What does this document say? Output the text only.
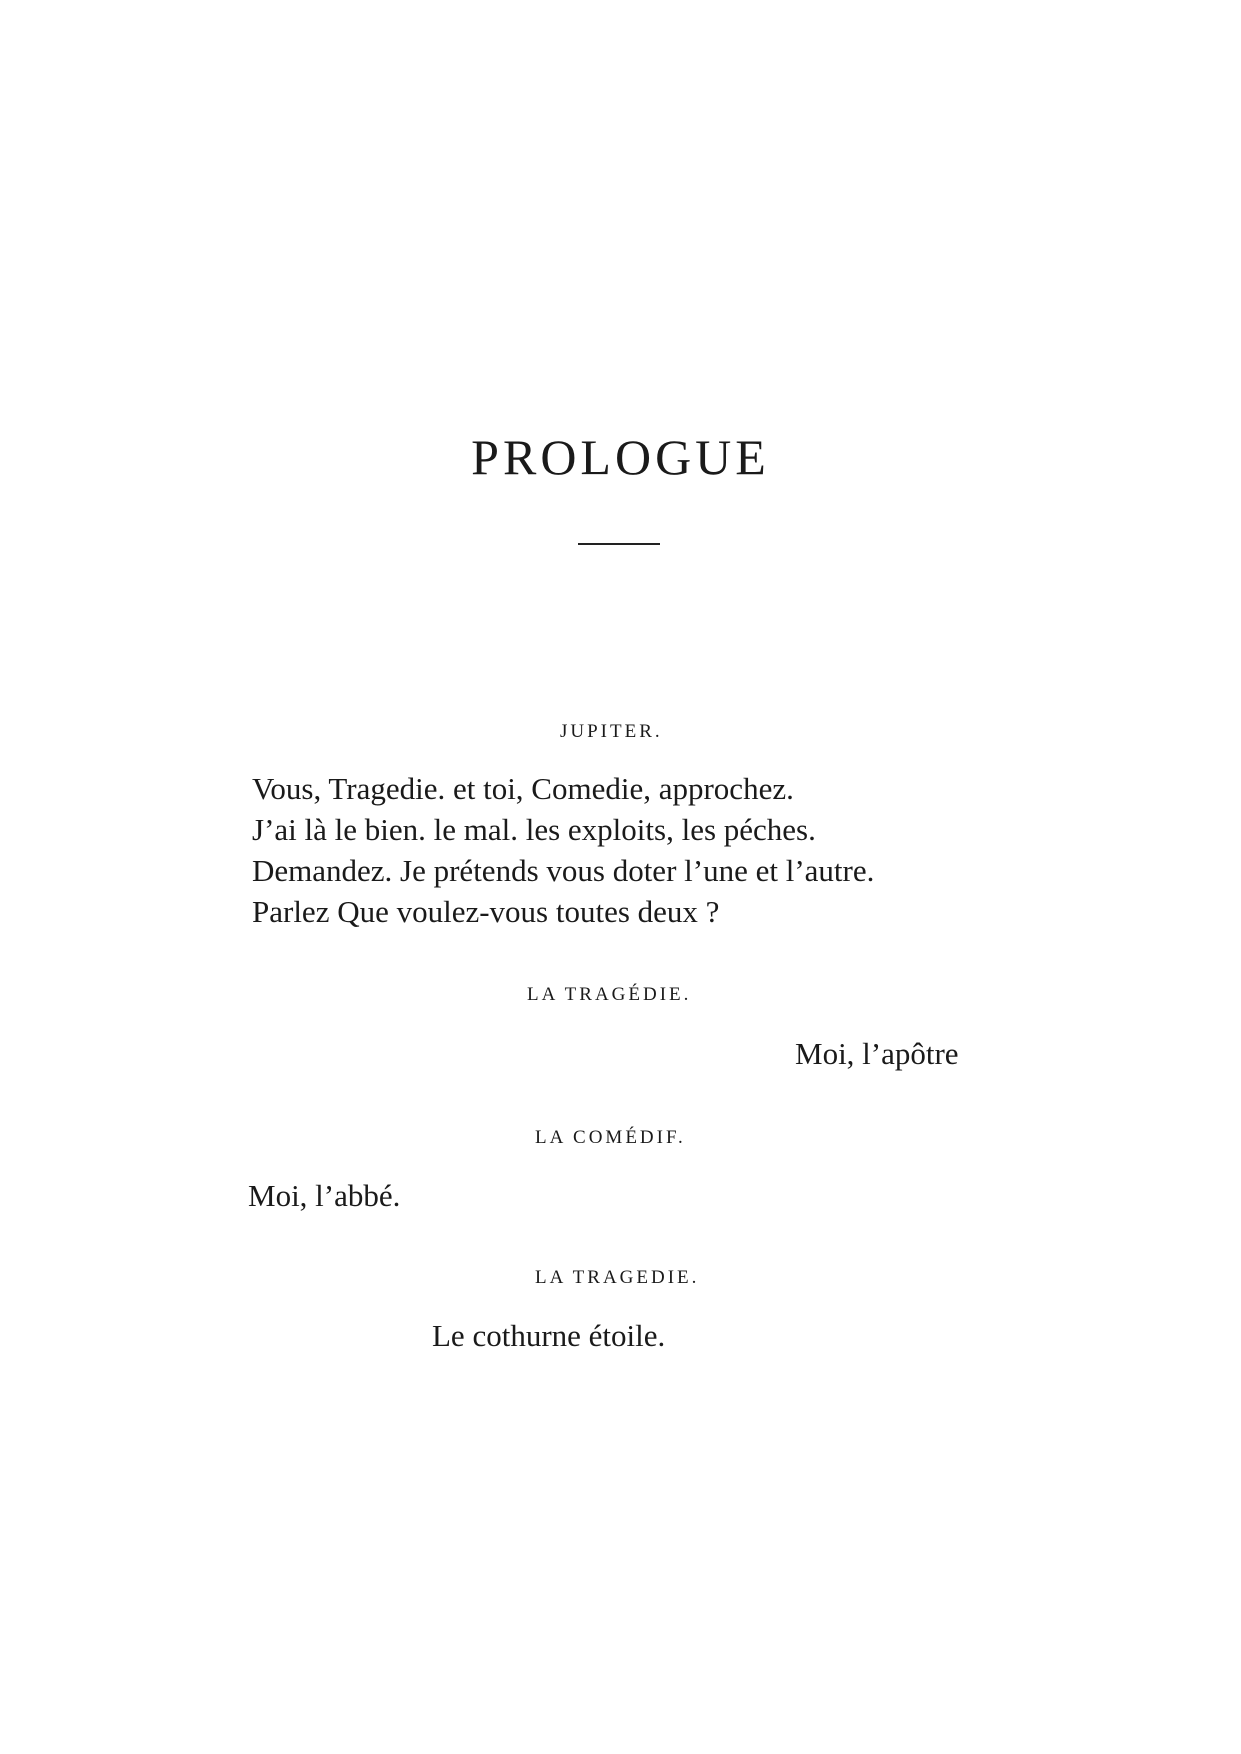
PROLOGUE
JUPITER.
Vous, Tragedie. et toi, Comedie, approchez.
J’ai là le bien. le mal. les exploits, les péches.
Demandez. Je prétends vous doter l’une et l’autre.
Parlez Que voulez-vous toutes deux ?
LA TRAGÉDIE.
Moi, l’apôtre
LA COMÉDIF.
Moi, l’abbé.
LA TRAGEDIE.
Le cothurne étoile.
